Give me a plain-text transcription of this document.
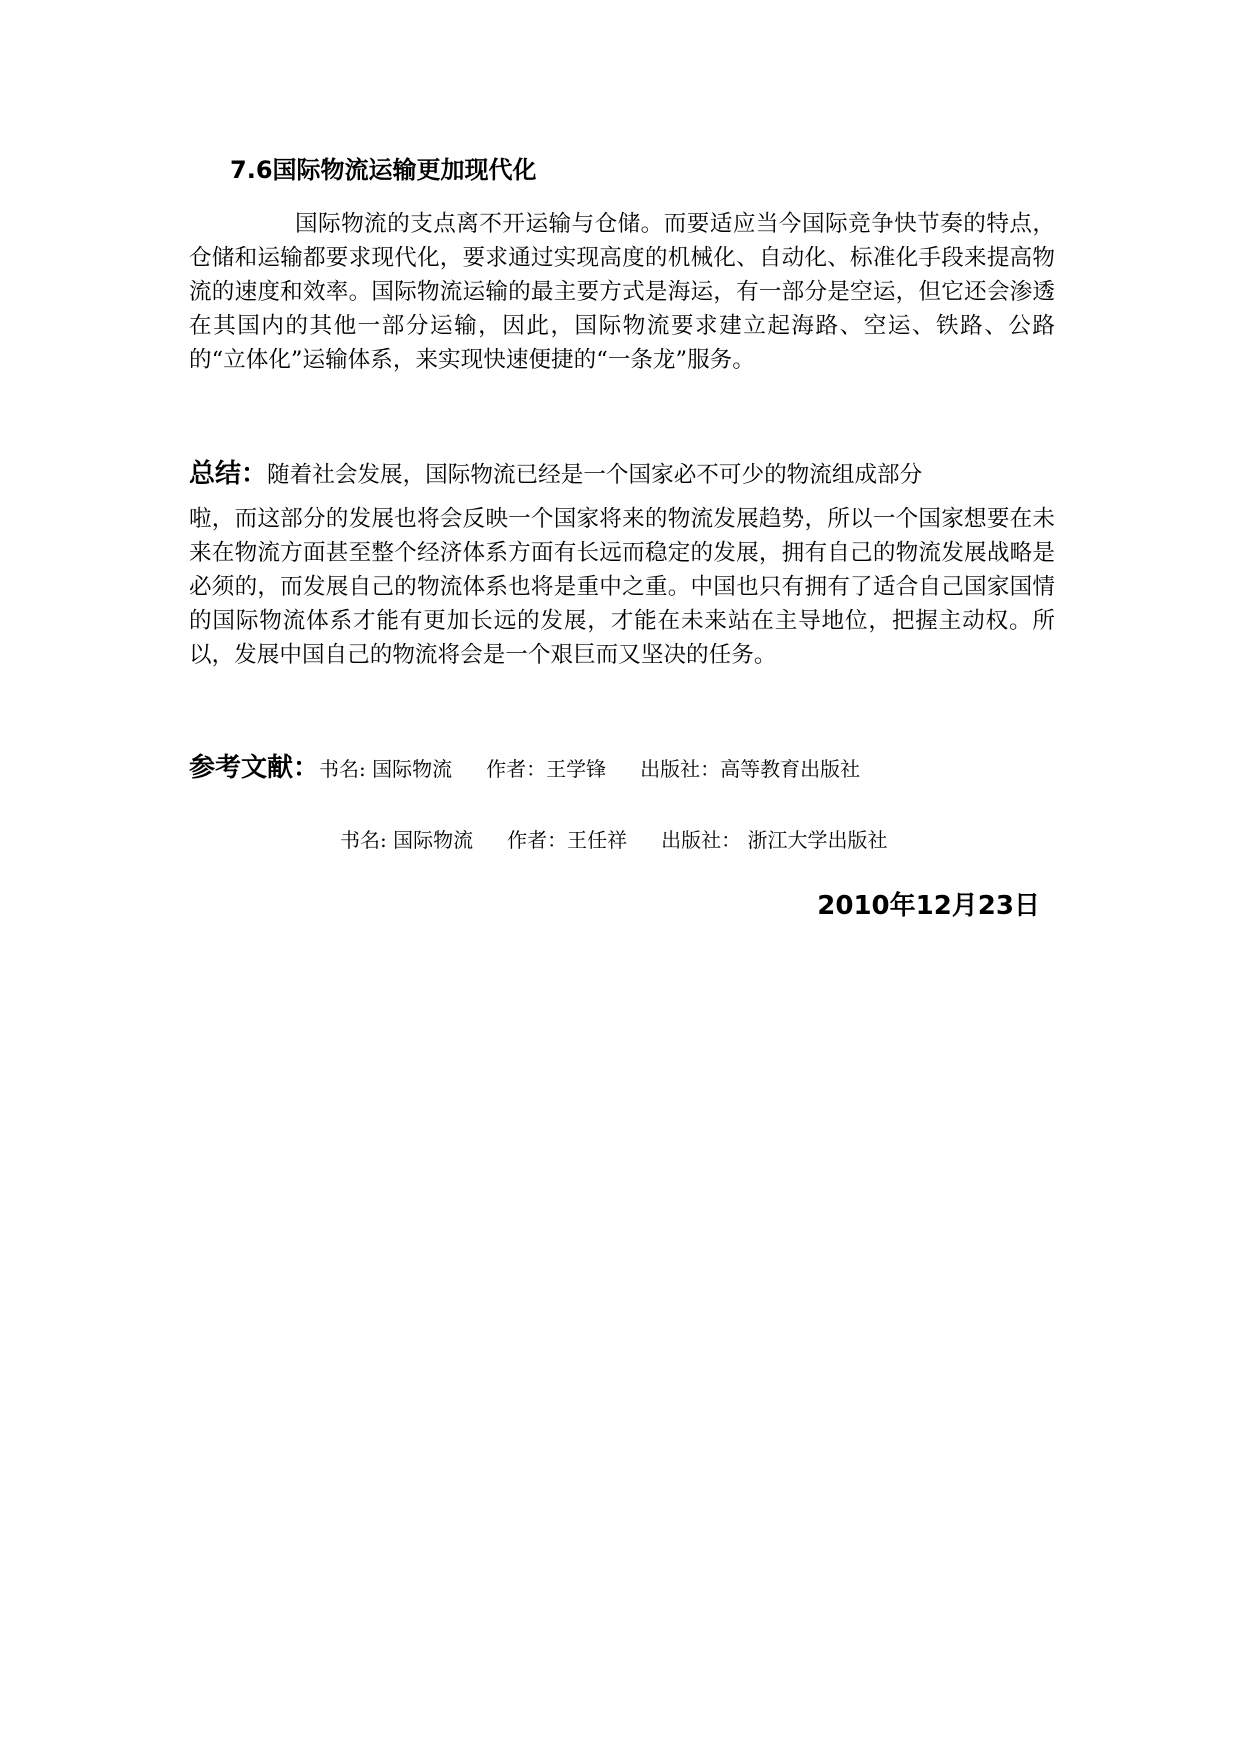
7.6国际物流运输更加现代化

国际物流的支点离不开运输与仓储。而要适应当今国际竞争快节奏的特点，仓储和运输都要求现代化，要求通过实现高度的机械化、自动化、标准化手段来提高物流的速度和效率。国际物流运输的最主要方式是海运，有一部分是空运，但它还会渗透在其国内的其他一部分运输，因此，国际物流要求建立起海路、空运、铁路、公路的“立体化”运输体系，来实现快速便捷的“一条龙”服务。

总结：随着社会发展，国际物流已经是一个国家必不可少的物流组成部分

啦，而这部分的发展也将会反映一个国家将来的物流发展趋势，所以一个国家想要在未来在物流方面甚至整个经济体系方面有长远而稳定的发展，拥有自己的物流发展战略是必须的，而发展自己的物流体系也将是重中之重。中国也只有拥有了适合自己国家国情的国际物流体系才能有更加长远的发展，才能在未来站在主导地位，把握主动权。所以，发展中国自己的物流将会是一个艰巨而又坚决的任务。

参考文献：书名: 国际物流 作者：王学锋 出版社：高等教育出版社
书名: 国际物流 作者：王任祥 出版社： 浙江大学出版社
2010年12月23日
